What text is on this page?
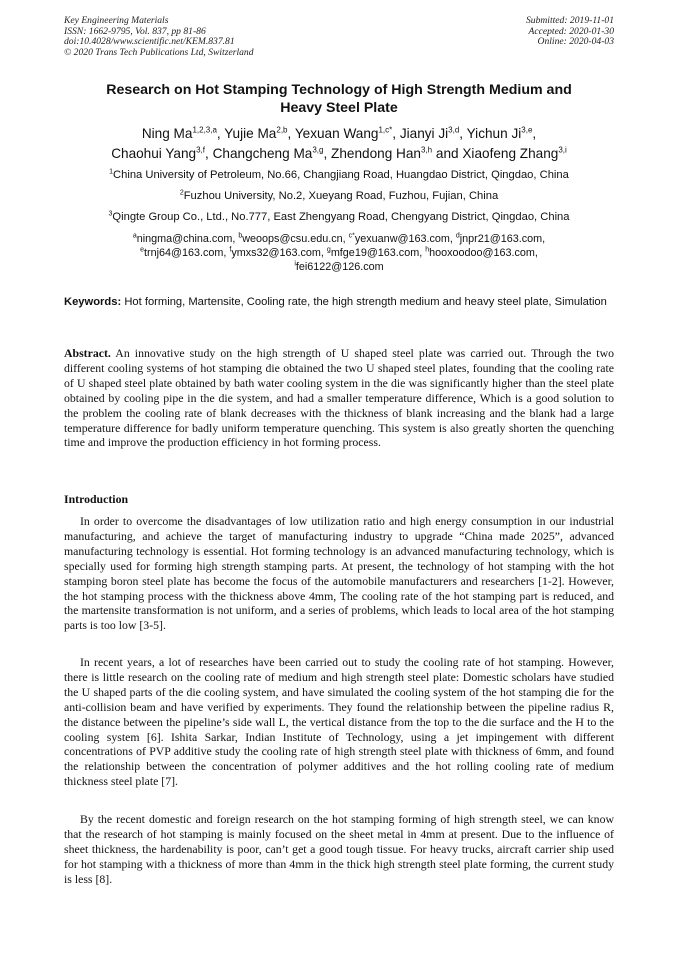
Key Engineering Materials
ISSN: 1662-9795, Vol. 837, pp 81-86
doi:10.4028/www.scientific.net/KEM.837.81
© 2020 Trans Tech Publications Ltd, Switzerland
Submitted: 2019-11-01
Accepted: 2020-01-30
Online: 2020-04-03
Research on Hot Stamping Technology of High Strength Medium and
Heavy Steel Plate
Ning Ma$^{1,2,3,a}$, Yujie Ma$^{2,b}$, Yexuan Wang$^{1,c*}$, Jianyi Ji$^{3,d}$, Yichun Ji$^{3,e}$,
Chaohui Yang$^{3,f}$, Changcheng Ma$^{3,g}$, Zhendong Han$^{3,h}$ and Xiaofeng Zhang$^{3,i}$
$^1$China University of Petroleum, No.66, Changjiang Road, Huangdao District, Qingdao, China
$^2$Fuzhou University, No.2, Xueyang Road, Fuzhou, Fujian, China
$^3$Qingte Group Co., Ltd., No.777, East Zhengyang Road, Chengyang District, Qingdao, China
$^a$ningma@china.com, $^b$weoops@csu.edu.cn, $^{c*}$yexuanw@163.com, $^d$jnpr21@163.com,
$^e$trnj64@163.com, $^f$ymxs32@163.com, $^g$mfge19@163.com, $^h$hooxoodoo@163.com,
$^i$fei6122@126.com
Keywords: Hot forming, Martensite, Cooling rate, the high strength medium and heavy steel plate, Simulation
Abstract. An innovative study on the high strength of U shaped steel plate was carried out. Through the two different cooling systems of hot stamping die obtained the two U shaped steel plates, founding that the cooling rate of U shaped steel plate obtained by bath water cooling system in the die was significantly higher than the steel plate obtained by cooling pipe in the die system, and had a smaller temperature difference, Which is a good solution to the problem the cooling rate of blank decreases with the thickness of blank increasing and the blank had a large temperature difference for badly uniform temperature quenching. This system is also greatly shorten the quenching time and improve the production efficiency in hot forming process.
Introduction
In order to overcome the disadvantages of low utilization ratio and high energy consumption in our industrial manufacturing, and achieve the target of manufacturing industry to upgrade “China made 2025”, advanced manufacturing technology is essential. Hot forming technology is an advanced manufacturing technology, which is specially used for forming high strength stamping parts. At present, the technology of hot stamping with the hot stamping boron steel plate has become the focus of the automobile manufacturers and researchers [1-2]. However, the hot stamping process with the thickness above 4mm, The cooling rate of the hot stamping part is reduced, and the martensite transformation is not uniform, and a series of problems, which leads to local area of the hot stamping parts is too low [3-5].
In recent years, a lot of researches have been carried out to study the cooling rate of hot stamping. However, there is little research on the cooling rate of medium and high strength steel plate: Domestic scholars have studied the U shaped parts of the die cooling system, and have simulated the cooling system of the hot stamping die for the anti-collision beam and have verified by experiments. They found the relationship between the pipeline radius R, the distance between the pipeline’s side wall L, the vertical distance from the top to the die surface and the H to the cooling system [6]. Ishita Sarkar, Indian Institute of Technology, using a jet impingement with different concentrations of PVP additive study the cooling rate of high strength steel plate with thickness of 6mm, and found the relationship between the concentration of polymer additives and the hot rolling cooling rate of medium thickness steel plate [7].
By the recent domestic and foreign research on the hot stamping forming of high strength steel, we can know that the research of hot stamping is mainly focused on the sheet metal in 4mm at present. Due to the influence of sheet thickness, the hardenability is poor, can’t get a good tough tissue. For heavy trucks, aircraft carrier ship used for hot stamping with a thickness of more than 4mm in the thick high strength steel plate forming, the current study is less [8].
